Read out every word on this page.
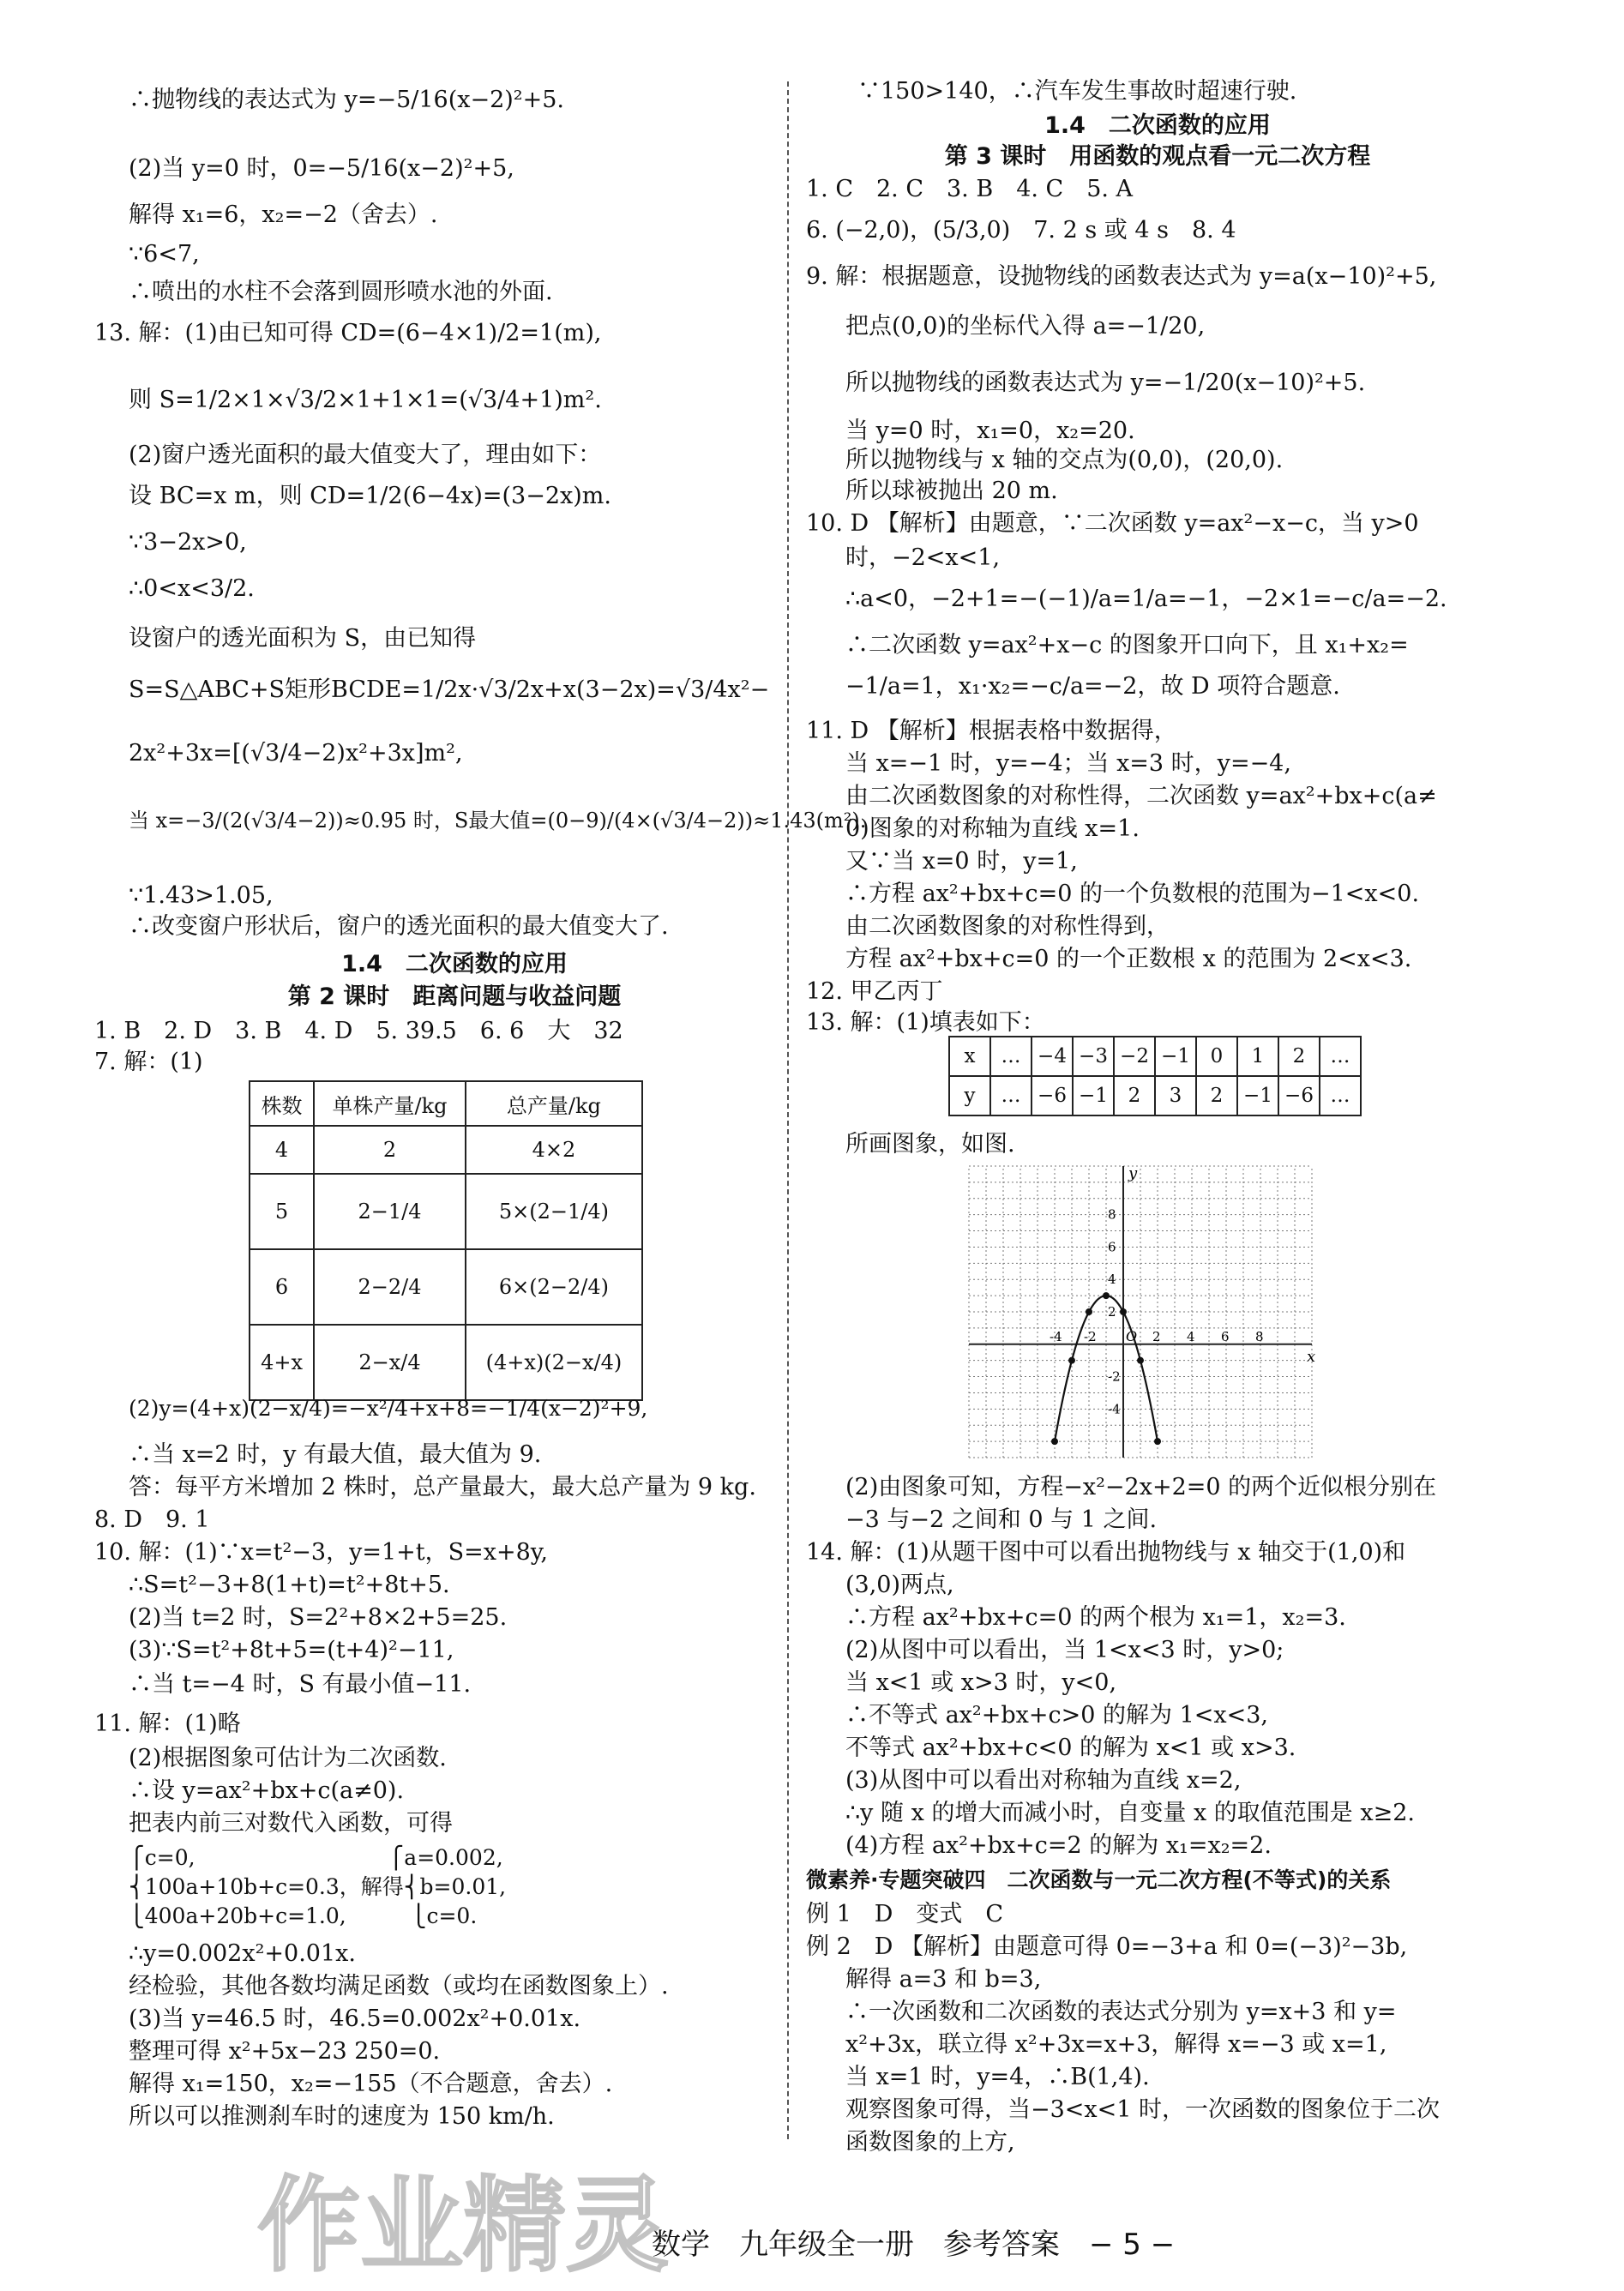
∴抛物线的表达式为 y=−5/16(x−2)²+5.
(2)当 y=0 时，0=−5/16(x−2)²+5,
解得 x₁=6，x₂=−2（舍去）.
∵6<7,
∴喷出的水柱不会落到圆形喷水池的外面.
13. 解：(1)由已知可得 CD=(6−4×1)/2=1(m),
则 S=1/2×1×√3/2×1+1×1=(√3/4+1)m².
(2)窗户透光面积的最大值变大了，理由如下：
设 BC=x m，则 CD=1/2(6−4x)=(3−2x)m.
∵3−2x>0,
∴0<x<3/2.
设窗户的透光面积为 S，由已知得
S=S△ABC+S矩形BCDE=1/2x·√3/2x+x(3−2x)=√3/4x²−
2x²+3x=[(√3/4−2)x²+3x]m²,
当 x=−3/(2(√3/4−2))≈0.95 时，S最大值=(0−9)/(4×(√3/4−2))≈1.43(m²).
∵1.43>1.05,
∴改变窗户形状后，窗户的透光面积的最大值变大了.
1.4　二次函数的应用
第 2 课时　距离问题与收益问题
1. B　2. D　3. B　4. D　5. 39.5　6. 6　大　32
7. 解：(1)
株数	单株产量/kg	总产量/kg
4	2	4×2
5	2−1/4	5×(2−1/4)
6	2−2/4	6×(2−2/4)
4+x	2−x/4	(4+x)(2−x/4)
(2)y=(4+x)(2−x/4)=−x²/4+x+8=−1/4(x−2)²+9,
∴当 x=2 时，y 有最大值，最大值为 9.
答：每平方米增加 2 株时，总产量最大，最大总产量为 9 kg.
8. D　9. 1
10. 解：(1)∵x=t²−3，y=1+t，S=x+8y,
∴S=t²−3+8(1+t)=t²+8t+5.
(2)当 t=2 时，S=2²+8×2+5=25.
(3)∵S=t²+8t+5=(t+4)²−11,
∴当 t=−4 时，S 有最小值−11.
11. 解：(1)略
(2)根据图象可估计为二次函数.
∴设 y=ax²+bx+c(a≠0).
把表内前三对数代入函数，可得
⎧c=0,　　　　　　　　　⎧a=0.002,
⎨100a+10b+c=0.3，解得⎨b=0.01,
⎩400a+20b+c=1.0,　　　⎩c=0.
∴y=0.002x²+0.01x.
经检验，其他各数均满足函数（或均在函数图象上）.
(3)当 y=46.5 时，46.5=0.002x²+0.01x.
整理可得 x²+5x−23 250=0.
解得 x₁=150，x₂=−155（不合题意，舍去）.
所以可以推测刹车时的速度为 150 km/h.
∵150>140，∴汽车发生事故时超速行驶.
1.4　二次函数的应用
第 3 课时　用函数的观点看一元二次方程
1. C　2. C　3. B　4. C　5. A
6. (−2,0)，(5/3,0)　7. 2 s 或 4 s　8. 4
9. 解：根据题意，设抛物线的函数表达式为 y=a(x−10)²+5,
把点(0,0)的坐标代入得 a=−1/20,
所以抛物线的函数表达式为 y=−1/20(x−10)²+5.
当 y=0 时，x₁=0，x₂=20.
所以抛物线与 x 轴的交点为(0,0)，(20,0).
所以球被抛出 20 m.
10. D 【解析】由题意，∵二次函数 y=ax²−x−c，当 y>0
时，−2<x<1,
∴a<0，−2+1=−(−1)/a=1/a=−1，−2×1=−c/a=−2.
∴二次函数 y=ax²+x−c 的图象开口向下，且 x₁+x₂=
−1/a=1，x₁·x₂=−c/a=−2，故 D 项符合题意.
11. D 【解析】根据表格中数据得，
当 x=−1 时，y=−4；当 x=3 时，y=−4,
由二次函数图象的对称性得，二次函数 y=ax²+bx+c(a≠
0)图象的对称轴为直线 x=1.
又∵当 x=0 时，y=1,
∴方程 ax²+bx+c=0 的一个负数根的范围为−1<x<0.
由二次函数图象的对称性得到，
方程 ax²+bx+c=0 的一个正数根 x 的范围为 2<x<3.
12. 甲乙丙丁
13. 解：(1)填表如下：
x	…	−4	−3	−2	−1	0	1	2	…
y	…	−6	−1	2	3	2	−1	−6	…
所画图象，如图.
x
y
O
-4 -2	2 4 6 8
8
6
4
2
-2
-4
(2)由图象可知，方程−x²−2x+2=0 的两个近似根分别在
−3 与−2 之间和 0 与 1 之间.
14. 解：(1)从题干图中可以看出抛物线与 x 轴交于(1,0)和
(3,0)两点,
∴方程 ax²+bx+c=0 的两个根为 x₁=1，x₂=3.
(2)从图中可以看出，当 1<x<3 时，y>0;
当 x<1 或 x>3 时，y<0,
∴不等式 ax²+bx+c>0 的解为 1<x<3,
不等式 ax²+bx+c<0 的解为 x<1 或 x>3.
(3)从图中可以看出对称轴为直线 x=2,
∴y 随 x 的增大而减小时，自变量 x 的取值范围是 x≥2.
(4)方程 ax²+bx+c=2 的解为 x₁=x₂=2.
微素养·专题突破四　二次函数与一元二次方程(不等式)的关系
例 1　D　变式　C
例 2　D 【解析】由题意可得 0=−3+a 和 0=(−3)²−3b,
解得 a=3 和 b=3,
∴一次函数和二次函数的表达式分别为 y=x+3 和 y=
x²+3x，联立得 x²+3x=x+3，解得 x=−3 或 x=1,
当 x=1 时，y=4，∴B(1,4).
观察图象可得，当−3<x<1 时，一次函数的图象位于二次
函数图象的上方,
数学　九年级全一册　参考答案　− 5 −
作业精灵
